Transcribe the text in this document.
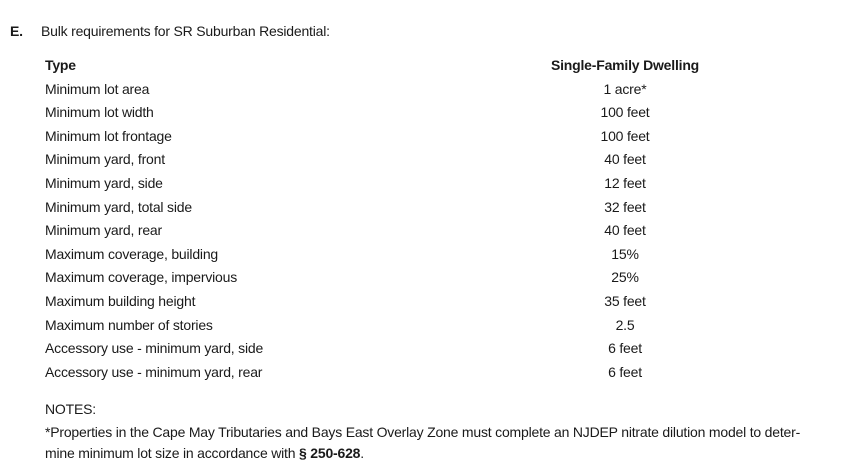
E.	Bulk requirements for SR Suburban Residential:
Type	Single-Family Dwelling
Minimum lot area	1 acre*
Minimum lot width	100 feet
Minimum lot frontage	100 feet
Minimum yard, front	40 feet
Minimum yard, side	12 feet
Minimum yard, total side	32 feet
Minimum yard, rear	40 feet
Maximum coverage, building	15%
Maximum coverage, impervious	25%
Maximum building height	35 feet
Maximum number of stories	2.5
Accessory use - minimum yard, side	6 feet
Accessory use - minimum yard, rear	6 feet
NOTES:
*Properties in the Cape May Tributaries and Bays East Overlay Zone must complete an NJDEP nitrate dilution model to deter-
mine minimum lot size in accordance with § 250-628.
